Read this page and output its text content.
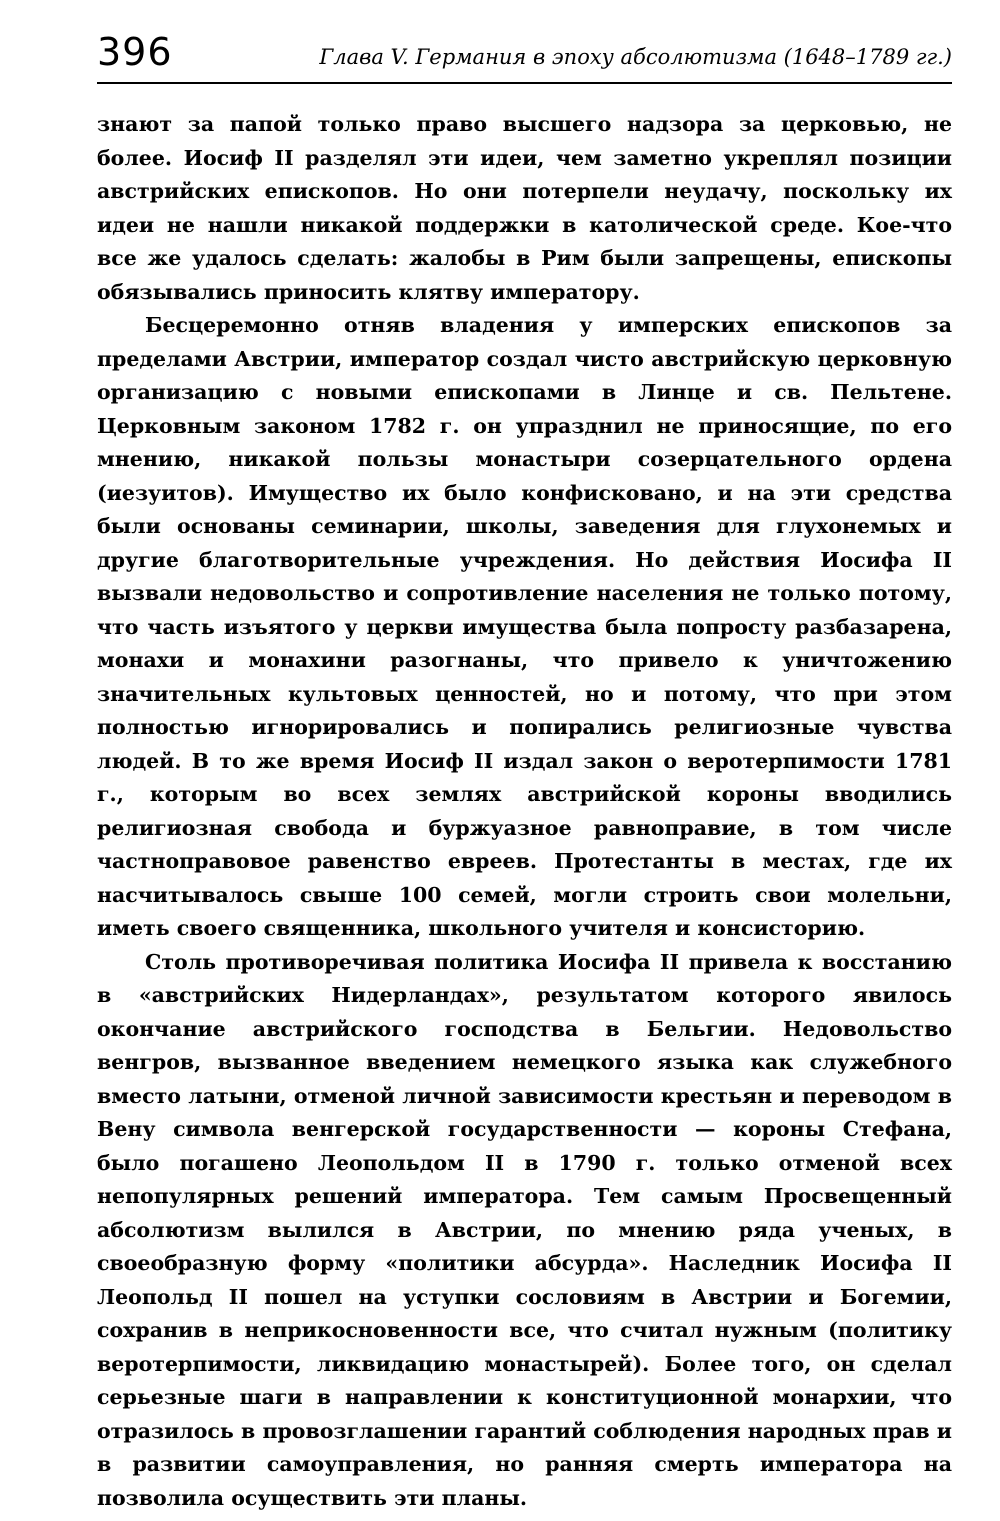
396	Глава V. Германия в эпоху абсолютизма (1648–1789 гг.)

знают за папой только право высшего надзора за церковью, не более. Иосиф II разделял эти идеи, чем заметно укреплял позиции австрийских епископов. Но они потерпели неудачу, поскольку их идеи не нашли никакой поддержки в католической среде. Кое-что все же удалось сделать: жалобы в Рим были запрещены, епископы обязывались приносить клятву императору.

Бесцеремонно отняв владения у имперских епископов за пределами Австрии, император создал чисто австрийскую церковную организацию с новыми епископами в Линце и св. Пельтене. Церковным законом 1782 г. он упразднил не приносящие, по его мнению, никакой пользы монастыри созерцательного ордена (иезуитов). Имущество их было конфисковано, и на эти средства были основаны семинарии, школы, заведения для глухонемых и другие благотворительные учреждения. Но действия Иосифа II вызвали недовольство и сопротивление населения не только потому, что часть изъятого у церкви имущества была попросту разбазарена, монахи и монахини разогнаны, что привело к уничтожению значительных культовых ценностей, но и потому, что при этом полностью игнорировались и попирались религиозные чувства людей. В то же время Иосиф II издал закон о веротерпимости 1781 г., которым во всех землях австрийской короны вводились религиозная свобода и буржуазное равноправие, в том числе частноправовое равенство евреев. Протестанты в местах, где их насчитывалось свыше 100 семей, могли строить свои молельни, иметь своего священника, школьного учителя и консисторию.

Столь противоречивая политика Иосифа II привела к восстанию в «австрийских Нидерландах», результатом которого явилось окончание австрийского господства в Бельгии. Недовольство венгров, вызванное введением немецкого языка как служебного вместо латыни, отменой личной зависимости крестьян и переводом в Вену символа венгерской государственности — короны Стефана, было погашено Леопольдом II в 1790 г. только отменой всех непопулярных решений императора. Тем самым Просвещенный абсолютизм вылился в Австрии, по мнению ряда ученых, в своеобразную форму «политики абсурда». Наследник Иосифа II Леопольд II пошел на уступки сословиям в Австрии и Богемии, сохранив в неприкосновенности все, что считал нужным (политику веротерпимости, ликвидацию монастырей). Более того, он сделал серьезные шаги в направлении к конституционной монархии, что отразилось в провозглашении гарантий соблюдения народных прав и в развитии самоуправления, но ранняя смерть императора на позволила осуществить эти планы.
